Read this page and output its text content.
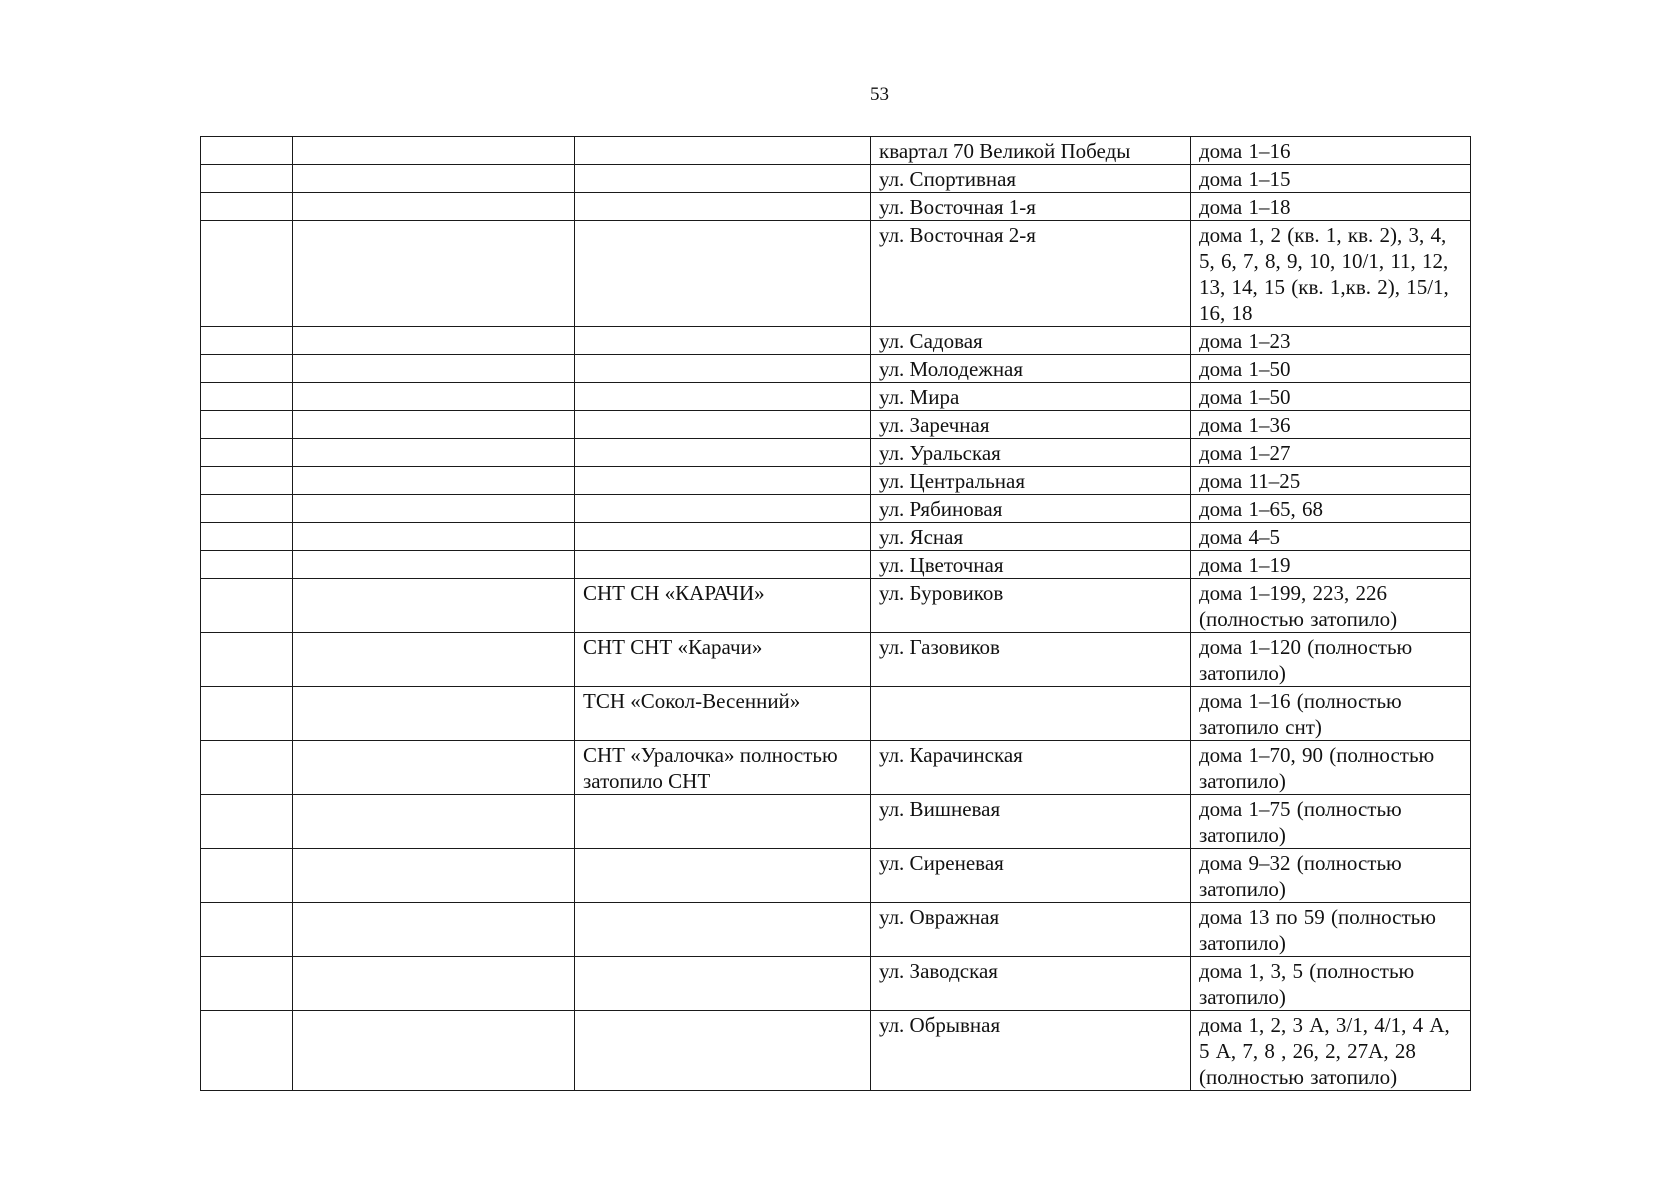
53
			квартал 70 Великой Победы	дома 1–16
			ул. Спортивная	дома 1–15
			ул. Восточная 1-я	дома 1–18
			ул. Восточная 2-я	дома 1, 2 (кв. 1, кв. 2), 3, 4, 5, 6, 7, 8, 9, 10, 10/1, 11, 12, 13, 14, 15 (кв. 1,кв. 2), 15/1, 16, 18
			ул. Садовая	дома 1–23
			ул. Молодежная	дома 1–50
			ул. Мира	дома 1–50
			ул. Заречная	дома 1–36
			ул. Уральская	дома 1–27
			ул. Центральная	дома 11–25
			ул. Рябиновая	дома 1–65, 68
			ул. Ясная	дома 4–5
			ул. Цветочная	дома 1–19
		СНТ СН «КАРАЧИ»	ул. Буровиков	дома 1–199, 223, 226 (полностью затопило)
		СНТ СНТ «Карачи»	ул. Газовиков	дома 1–120 (полностью затопило)
		ТСН «Сокол-Весенний»		дома 1–16 (полностью затопило снт)
		СНТ «Уралочка» полностью затопило СНТ	ул. Карачинская	дома 1–70, 90 (полностью затопило)
			ул. Вишневая	дома 1–75 (полностью затопило)
			ул. Сиреневая	дома 9–32 (полностью затопило)
			ул. Овражная	дома 13 по 59 (полностью затопило)
			ул. Заводская	дома 1, 3, 5 (полностью затопило)
			ул. Обрывная	дома 1, 2, 3 А, 3/1, 4/1, 4 А, 5 А, 7, 8 , 26, 2, 27А, 28 (полностью затопило)
